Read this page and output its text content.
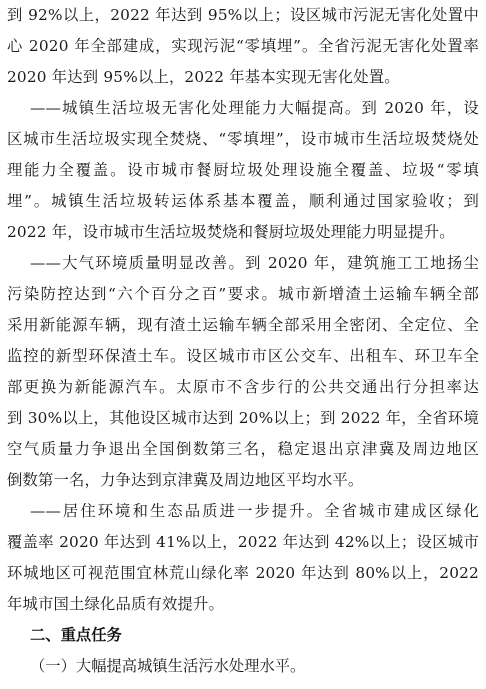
到 92%以上，2022 年达到 95%以上；设区城市污泥无害化处置中
心 2020 年全部建成，实现污泥“零填埋”。全省污泥无害化处置率
2020 年达到 95%以上，2022 年基本实现无害化处置。
——城镇生活垃圾无害化处理能力大幅提高。到 2020 年，设
区城市生活垃圾实现全焚烧、“零填埋”，设市城市生活垃圾焚烧处
理能力全覆盖。设市城市餐厨垃圾处理设施全覆盖、垃圾“零填
埋”。城镇生活垃圾转运体系基本覆盖，顺利通过国家验收；到
2022 年，设市城市生活垃圾焚烧和餐厨垃圾处理能力明显提升。
——大气环境质量明显改善。到 2020 年，建筑施工工地扬尘
污染防控达到“六个百分之百”要求。城市新增渣土运输车辆全部
采用新能源车辆，现有渣土运输车辆全部采用全密闭、全定位、全
监控的新型环保渣土车。设区城市市区公交车、出租车、环卫车全
部更换为新能源汽车。太原市不含步行的公共交通出行分担率达
到 30%以上，其他设区城市达到 20%以上；到 2022 年，全省环境
空气质量力争退出全国倒数第三名，稳定退出京津冀及周边地区
倒数第一名，力争达到京津冀及周边地区平均水平。
——居住环境和生态品质进一步提升。全省城市建成区绿化
覆盖率 2020 年达到 41%以上，2022 年达到 42%以上；设区城市
环城地区可视范围宜林荒山绿化率 2020 年达到 80%以上，2022
年城市国土绿化品质有效提升。
二、重点任务
（一）大幅提高城镇生活污水处理水平。
